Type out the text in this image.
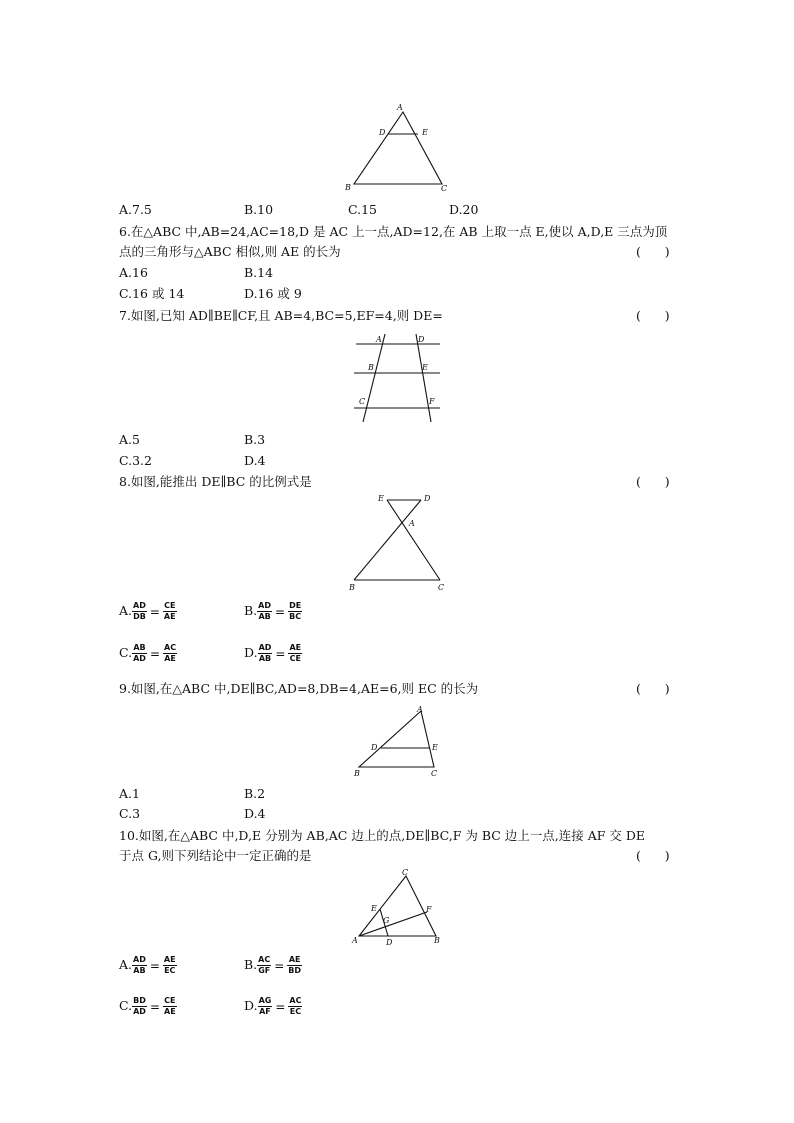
A
D	E
B	C
A.7.5	B.10	C.15	D.20
6.在△ABC 中,AB=24,AC=18,D 是 AC 上一点,AD=12,在 AB 上取一点 E,使以 A,D,E 三点为顶
点的三角形与△ABC 相似,则 AE 的长为	(      )
A.16	B.14
C.16 或 14	D.16 或 9
7.如图,已知 AD∥BE∥CF,且 AB=4,BC=5,EF=4,则 DE=	(      )
A	D
B	E
C	F
A.5	B.3
C.3.2	D.4
8.如图,能推出 DE∥BC 的比例式是	(      )
E	D
A
B	C
A. $\frac{AD}{DB} = \frac{CE}{AE}$	B. $\frac{AD}{AB} = \frac{DE}{BC}$
C. $\frac{AB}{AD} = \frac{AC}{AE}$	D. $\frac{AD}{AB} = \frac{AE}{CE}$
9.如图,在△ABC 中,DE∥BC,AD=8,DB=4,AE=6,则 EC 的长为	(      )
A
D	E
B	C
A.1	B.2
C.3	D.4
10.如图,在△ABC 中,D,E 分别为 AB,AC 边上的点,DE∥BC,F 为 BC 边上一点,连接 AF 交 DE
于点 G,则下列结论中一定正确的是	(      )
C
E	F
G
A	D	B
A. $\frac{AD}{AB} = \frac{AE}{EC}$	B. $\frac{AC}{GF} = \frac{AE}{BD}$
C. $\frac{BD}{AD} = \frac{CE}{AE}$	D. $\frac{AG}{AF} = \frac{AC}{EC}$
